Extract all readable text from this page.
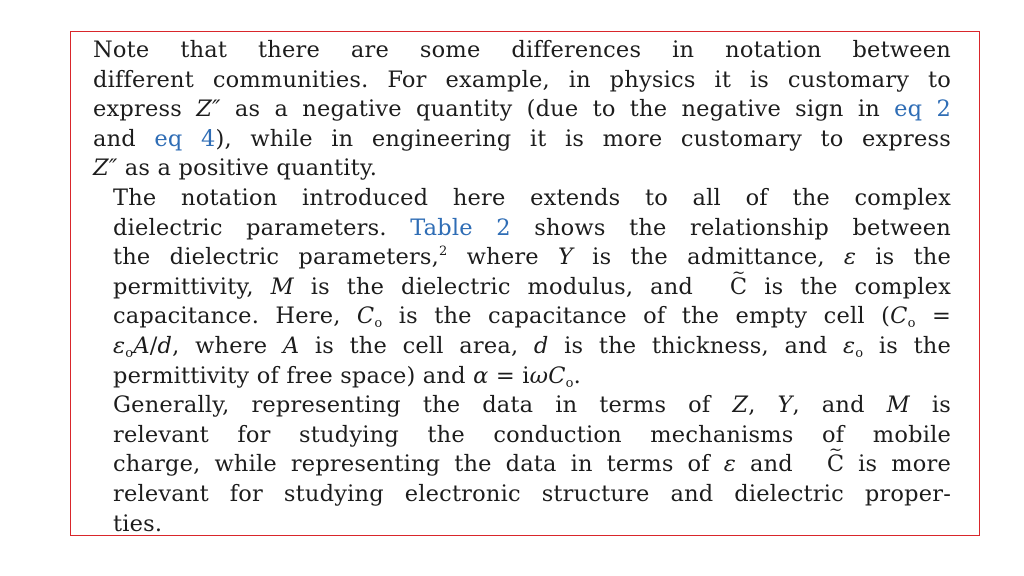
Note that there are some differences in notation between
different communities. For example, in physics it is customary to
express Z″ as a negative quantity (due to the negative sign in eq 2
and eq 4), while in engineering it is more customary to express
Z″ as a positive quantity.
The notation introduced here extends to all of the complex
dielectric parameters. Table 2 shows the relationship between
the dielectric parameters,$^2$ where Y is the admittance, ε is the
permittivity, M is the dielectric modulus, and ~ C is the complex
capacitance. Here, $C_o$ is the capacitance of the empty cell ($C_o$ =
$\varepsilon_oA/d$, where A is the cell area, d is the thickness, and $\varepsilon_o$ is the
permittivity of free space) and α = iωC$_o$.
Generally, representing the data in terms of Z, Y, and M is
relevant for studying the conduction mechanisms of mobile
charge, while representing the data in terms of ε and ~ C is more
relevant for studying electronic structure and dielectric proper-
ties.
